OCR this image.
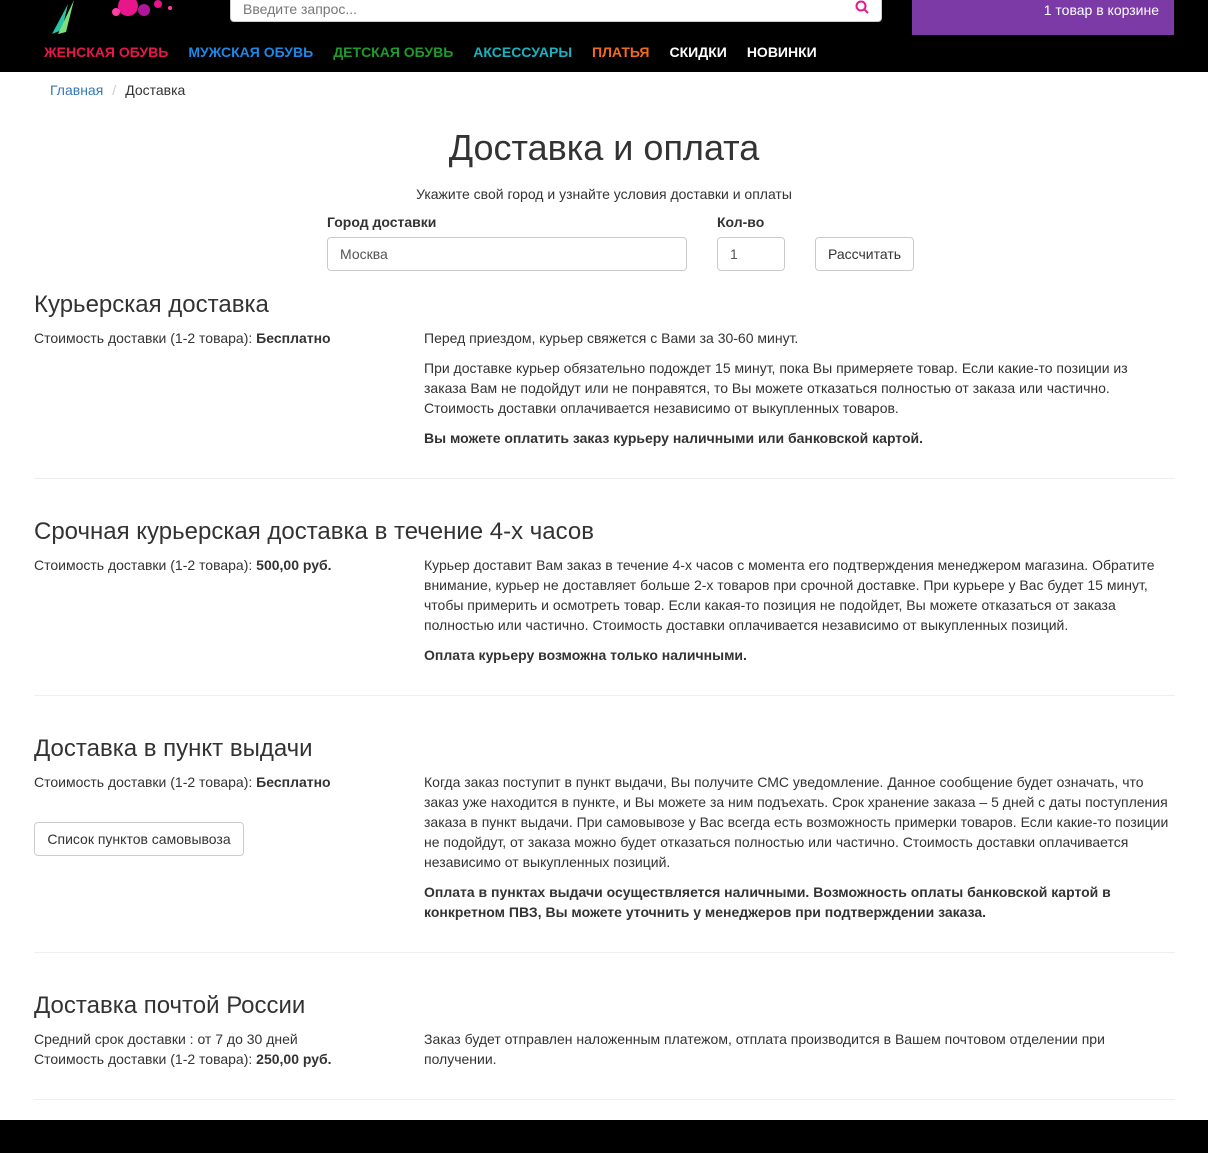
Введите запрос...
1 товар в корзине
ЖЕНСКАЯ ОБУВЬ МУЖСКАЯ ОБУВЬ ДЕТСКАЯ ОБУВЬ АКСЕССУАРЫ ПЛАТЬЯ СКИДКИ НОВИНКИ
Главная / Доставка
Доставка и оплата
Укажите свой город и узнайте условия доставки и оплаты
Город доставки
Москва	Кол-во
1
Рассчитать
Курьерская доставка
Стоимость доставки (1-2 товара): Бесплатно	Перед приездом, курьер свяжется с Вами за 30-60 минут.

При доставке курьер обязательно подождет 15 минут, пока Вы примеряете товар. Если какие-то позиции из заказа Вам не подойдут или не понравятся, то Вы можете отказаться полностью от заказа или частично. Стоимость доставки оплачивается независимо от выкупленных товаров.

Вы можете оплатить заказ курьеру наличными или банковской картой.

Срочная курьерская доставка в течение 4-х часов
Стоимость доставки (1-2 товара): 500,00 руб.	Курьер доставит Вам заказ в течение 4-х часов с момента его подтверждения менеджером магазина. Обратите внимание, курьер не доставляет больше 2-х товаров при срочной доставке. При курьере у Вас будет 15 минут, чтобы примерить и осмотреть товар. Если какая-то позиция не подойдет, Вы можете отказаться от заказа полностью или частично. Стоимость доставки оплачивается независимо от выкупленных позиций.

Оплата курьеру возможна только наличными.

Доставка в пункт выдачи
Стоимость доставки (1-2 товара): Бесплатно
Список пунктов самовывоза

Когда заказ поступит в пункт выдачи, Вы получите СМС уведомление. Данное сообщение будет означать, что заказ уже находится в пункте, и Вы можете за ним подъехать. Срок хранение заказа – 5 дней с даты поступления заказа в пункт выдачи. При самовывозе у Вас всегда есть возможность примерки товаров. Если какие-то позиции не подойдут, от заказа можно будет отказаться полностью или частично. Стоимость доставки оплачивается независимо от выкупленных позиций.

Оплата в пунктах выдачи осуществляется наличными. Возможность оплаты банковской картой в конкретном ПВЗ, Вы можете уточнить у менеджеров при подтверждении заказа.

Доставка почтой России
Средний срок доставки : от 7 до 30 дней
Стоимость доставки (1-2 товара): 250,00 руб.

Заказ будет отправлен наложенным платежом, отплата производится в Вашем почтовом отделении при получении.
